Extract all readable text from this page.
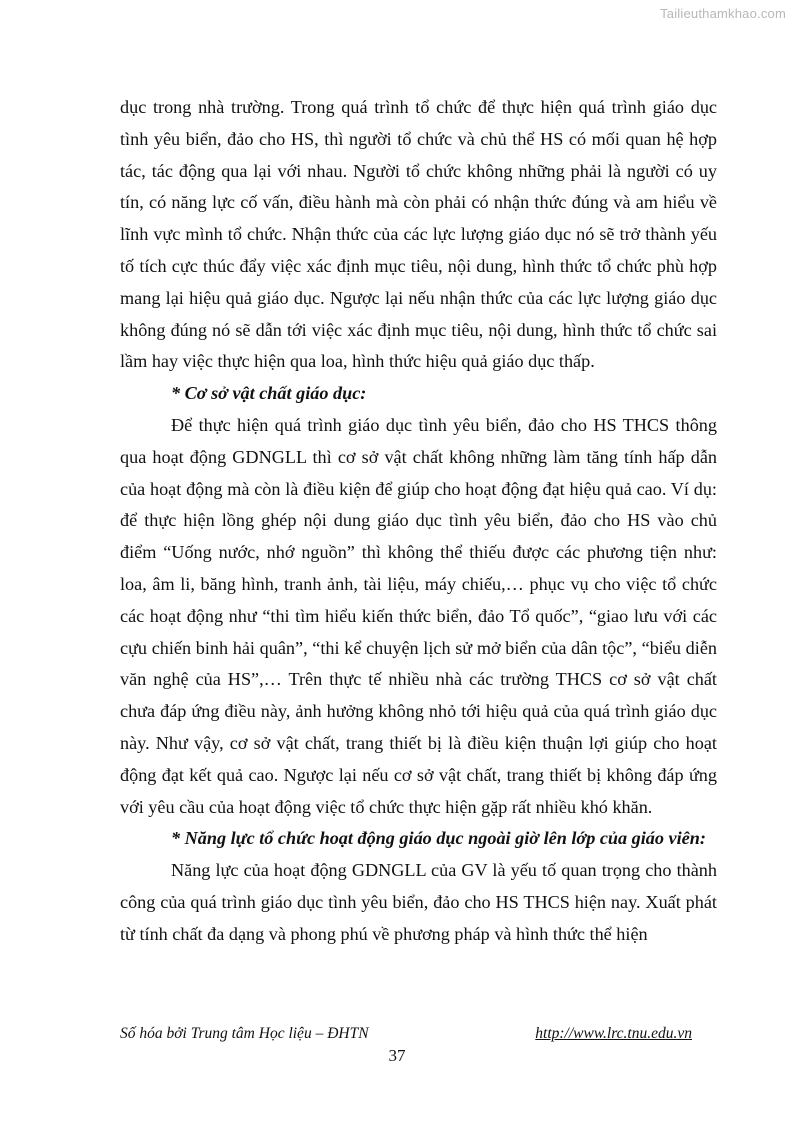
Tailieuthamkhao.com

dục trong nhà trường. Trong quá trình tổ chức để thực hiện quá trình giáo dục tình yêu biển, đảo cho HS, thì người tổ chức và chủ thể HS có mối quan hệ hợp tác, tác động qua lại với nhau. Người tổ chức không những phải là người có uy tín, có năng lực cố vấn, điều hành mà còn phải có nhận thức đúng và am hiểu về lĩnh vực mình tổ chức. Nhận thức của các lực lượng giáo dục nó sẽ trở thành yếu tố tích cực thúc đẩy việc xác định mục tiêu, nội dung, hình thức tổ chức phù hợp mang lại hiệu quả giáo dục. Ngược lại nếu nhận thức của các lực lượng giáo dục không đúng nó sẽ dẫn tới việc xác định mục tiêu, nội dung, hình thức tổ chức sai lầm hay việc thực hiện qua loa, hình thức hiệu quả giáo dục thấp.

* Cơ sở vật chất giáo dục:

Để thực hiện quá trình giáo dục tình yêu biển, đảo cho HS THCS thông qua hoạt động GDNGLL thì cơ sở vật chất không những làm tăng tính hấp dẫn của hoạt động mà còn là điều kiện để giúp cho hoạt động đạt hiệu quả cao. Ví dụ: để thực hiện lồng ghép nội dung giáo dục tình yêu biển, đảo cho HS vào chủ điểm “Uống nước, nhớ nguồn” thì không thể thiếu được các phương tiện như: loa, âm li, băng hình, tranh ảnh, tài liệu, máy chiếu,… phục vụ cho việc tổ chức các hoạt động như “thi tìm hiểu kiến thức biển, đảo Tổ quốc”, “giao lưu với các cựu chiến binh hải quân”, “thi kể chuyện lịch sử mở biển của dân tộc”, “biểu diễn văn nghệ của HS”,… Trên thực tế nhiều nhà các trường THCS cơ sở vật chất chưa đáp ứng điều này, ảnh hưởng không nhỏ tới hiệu quả của quá trình giáo dục này. Như vậy, cơ sở vật chất, trang thiết bị là điều kiện thuận lợi giúp cho hoạt động đạt kết quả cao. Ngược lại nếu cơ sở vật chất, trang thiết bị không đáp ứng với yêu cầu của hoạt động việc tổ chức thực hiện gặp rất nhiều khó khăn.

* Năng lực tổ chức hoạt động giáo dục ngoài giờ lên lớp của giáo viên:

Năng lực của hoạt động GDNGLL của GV là yếu tố quan trọng cho thành công của quá trình giáo dục tình yêu biển, đảo cho HS THCS hiện nay. Xuất phát từ tính chất đa dạng và phong phú về phương pháp và hình thức thể hiện

Số hóa bởi Trung tâm Học liệu – ĐHTN	http://www.lrc.tnu.edu.vn
37
